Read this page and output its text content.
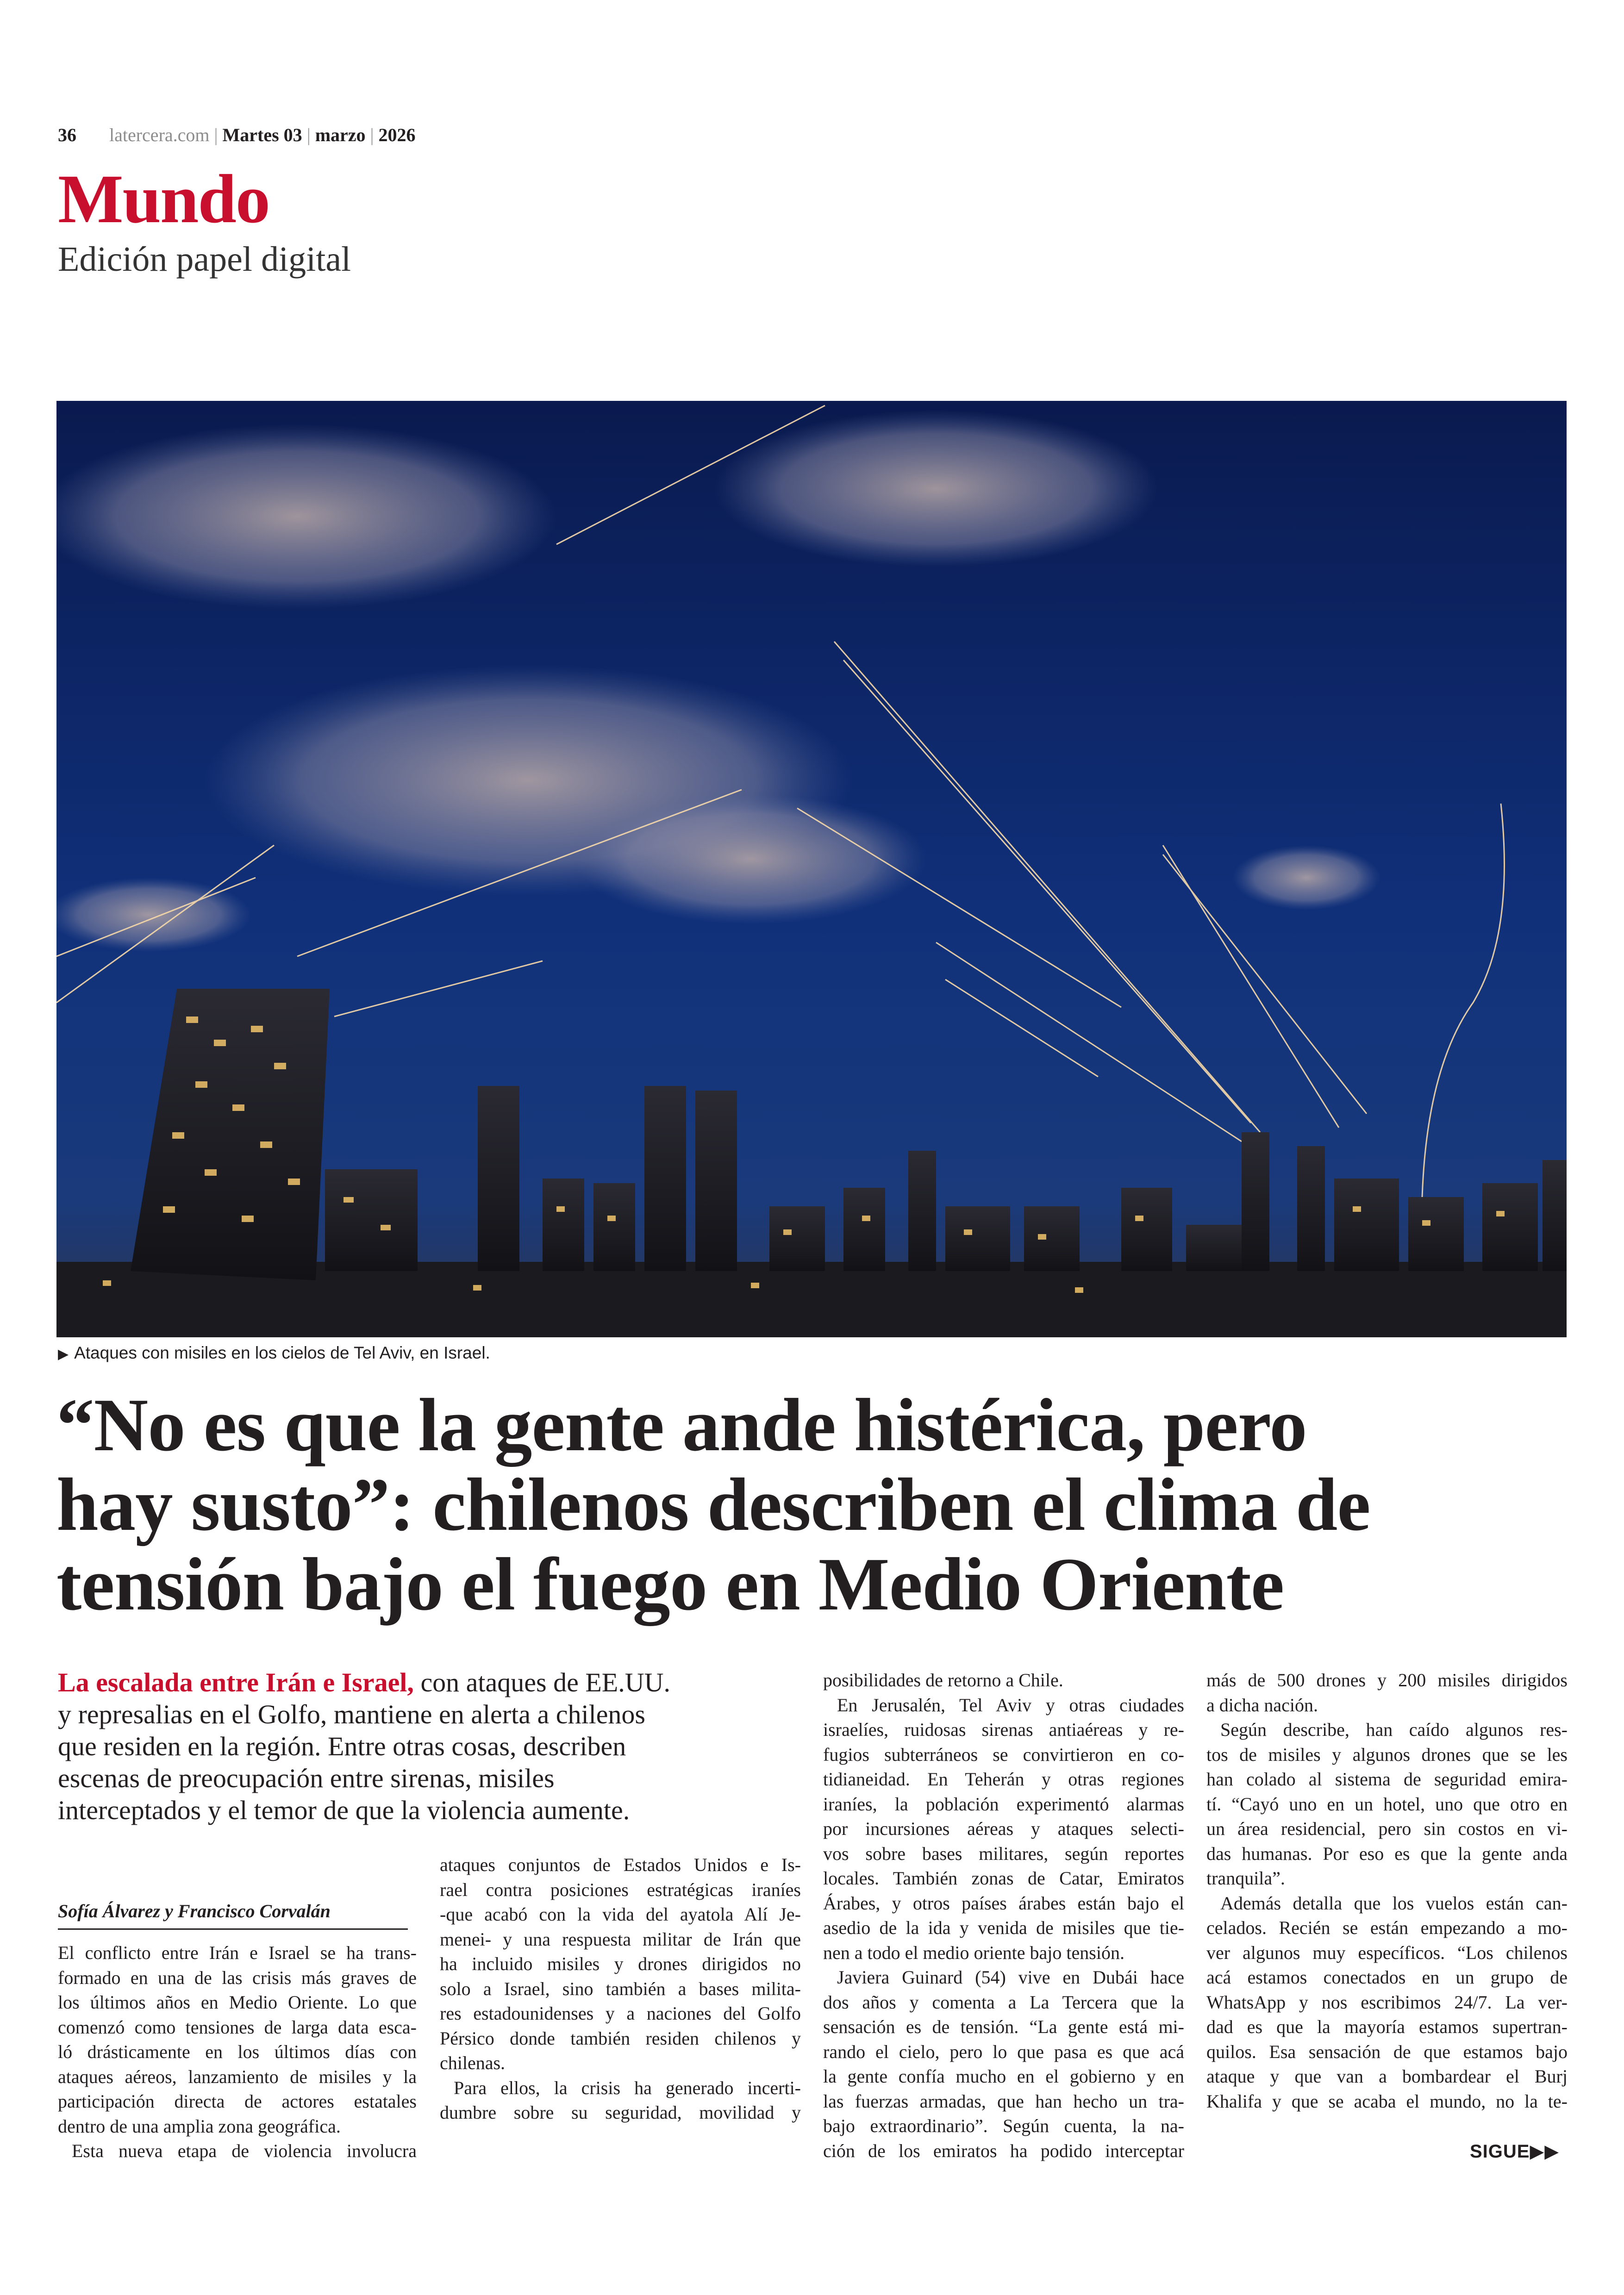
36 latercera.com | Martes 03 | marzo | 2026
Mundo
Edición papel digital
▶ Ataques con misiles en los cielos de Tel Aviv, en Israel.
“No es que la gente ande histérica, pero
hay susto”: chilenos describen el clima de
tensión bajo el fuego en Medio Oriente
La escalada entre Irán e Israel, con ataques de EE.UU.
y represalias en el Golfo, mantiene en alerta a chilenos
que residen en la región. Entre otras cosas, describen
escenas de preocupación entre sirenas, misiles
interceptados y el temor de que la violencia aumente.
Sofía Álvarez y Francisco Corvalán
El conflicto entre Irán e Israel se ha trans-
formado en una de las crisis más graves de
los últimos años en Medio Oriente. Lo que
comenzó como tensiones de larga data esca-
ló drásticamente en los últimos días con
ataques aéreos, lanzamiento de misiles y la
participación directa de actores estatales
dentro de una amplia zona geográfica.
Esta nueva etapa de violencia involucra
ataques conjuntos de Estados Unidos e Is-
rael contra posiciones estratégicas iraníes
-que acabó con la vida del ayatola Alí Je-
menei- y una respuesta militar de Irán que
ha incluido misiles y drones dirigidos no
solo a Israel, sino también a bases milita-
res estadounidenses y a naciones del Golfo
Pérsico donde también residen chilenos y
chilenas.
Para ellos, la crisis ha generado incerti-
dumbre sobre su seguridad, movilidad y
posibilidades de retorno a Chile.
En Jerusalén, Tel Aviv y otras ciudades
israelíes, ruidosas sirenas antiaéreas y re-
fugios subterráneos se convirtieron en co-
tidianeidad. En Teherán y otras regiones
iraníes, la población experimentó alarmas
por incursiones aéreas y ataques selecti-
vos sobre bases militares, según reportes
locales. También zonas de Catar, Emiratos
Árabes, y otros países árabes están bajo el
asedio de la ida y venida de misiles que tie-
nen a todo el medio oriente bajo tensión.
Javiera Guinard (54) vive en Dubái hace
dos años y comenta a La Tercera que la
sensación es de tensión. “La gente está mi-
rando el cielo, pero lo que pasa es que acá
la gente confía mucho en el gobierno y en
las fuerzas armadas, que han hecho un tra-
bajo extraordinario”. Según cuenta, la na-
ción de los emiratos ha podido interceptar
más de 500 drones y 200 misiles dirigidos
a dicha nación.
Según describe, han caído algunos res-
tos de misiles y algunos drones que se les
han colado al sistema de seguridad emira-
tí. “Cayó uno en un hotel, uno que otro en
un área residencial, pero sin costos en vi-
das humanas. Por eso es que la gente anda
tranquila”.
Además detalla que los vuelos están can-
celados. Recién se están empezando a mo-
ver algunos muy específicos. “Los chilenos
acá estamos conectados en un grupo de
WhatsApp y nos escribimos 24/7. La ver-
dad es que la mayoría estamos supertran-
quilos. Esa sensación de que estamos bajo
ataque y que van a bombardear el Burj
Khalifa y que se acaba el mundo, no la te-
SIGUE▶▶
